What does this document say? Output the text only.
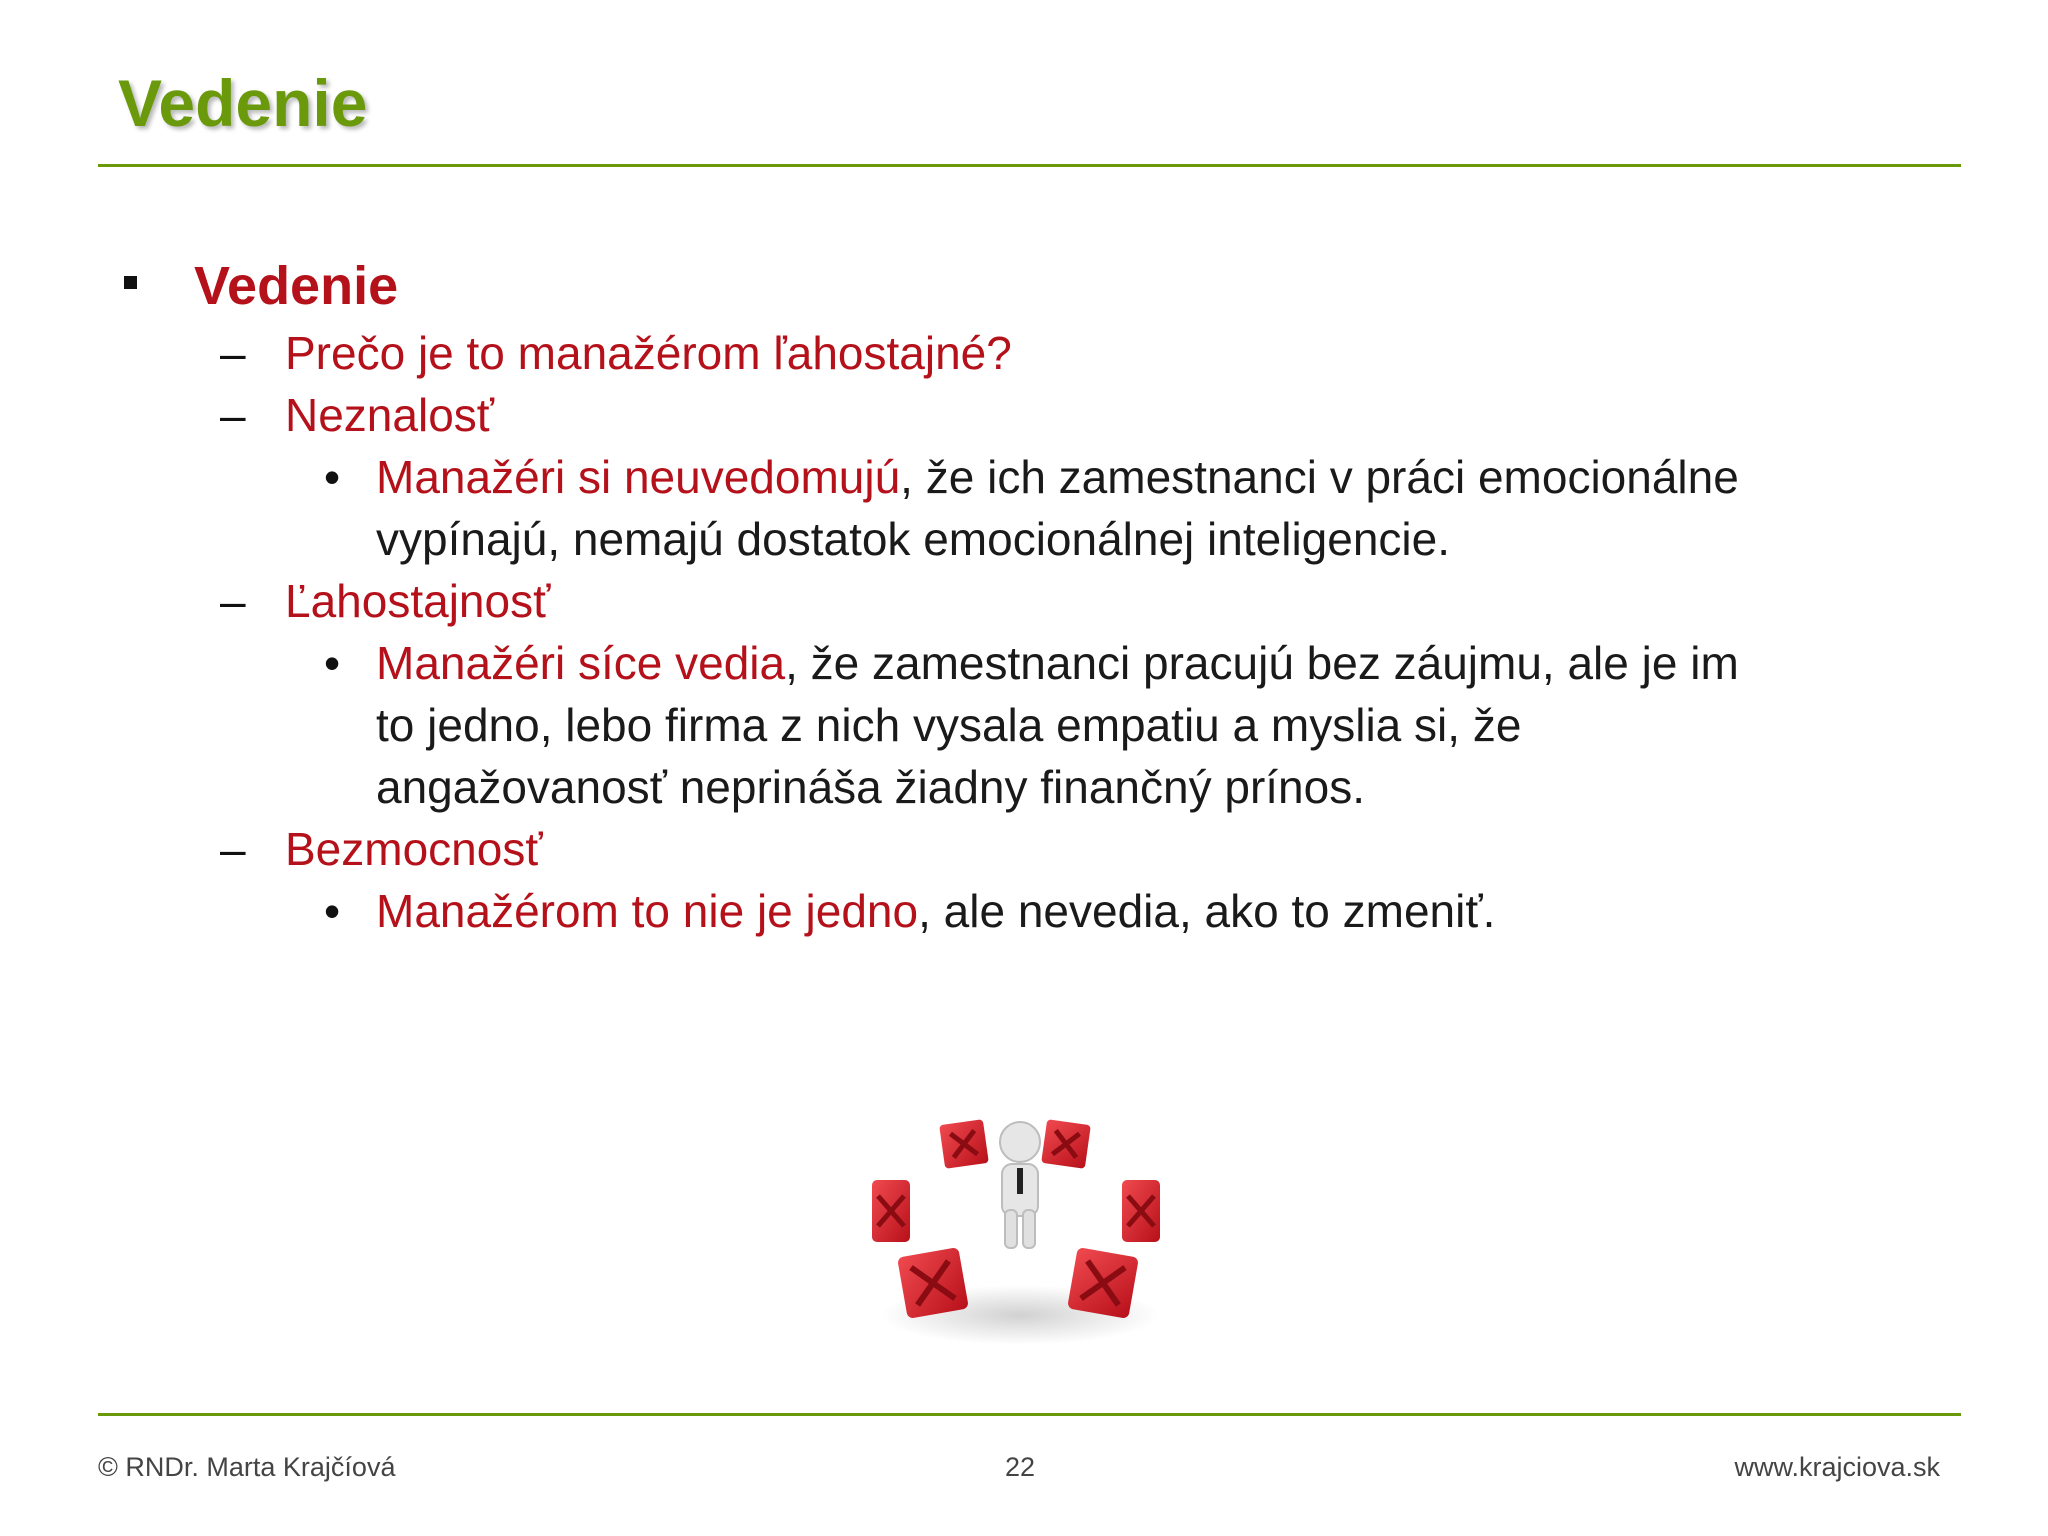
Vedenie
Vedenie
– Prečo je to manažérom ľahostajné?
– Neznalosť
• Manažéri si neuvedomujú, že ich zamestnanci v práci emocionálne
vypínajú, nemajú dostatok emocionálnej inteligencie.
– Ľahostajnosť
• Manažéri síce vedia, že zamestnanci pracujú bez záujmu, ale je im
to jedno, lebo firma z nich vysala empatiu a myslia si, že
angažovanosť neprináša žiadny finančný prínos.
– Bezmocnosť
• Manažérom to nie je jedno, ale nevedia, ako to zmeniť.
© RNDr. Marta Krajčíová	22	www.krajciova.sk
